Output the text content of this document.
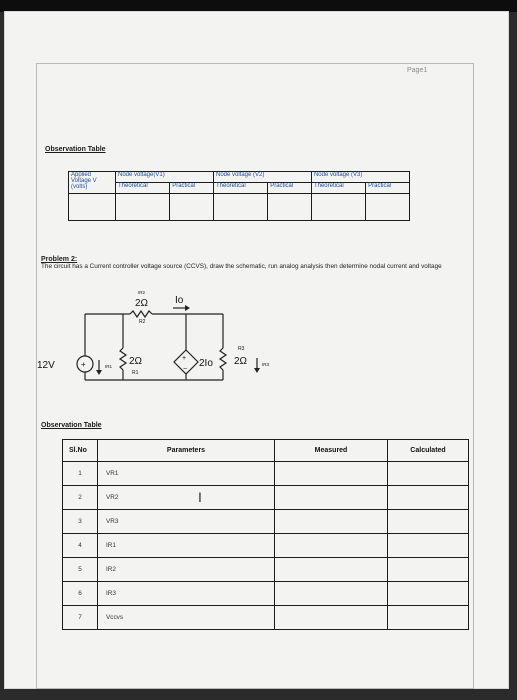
Page1
Observation Table
Applied
Voltage V
(volts)	Node voltage(V1)		Node voltage (V2)		Node voltage (V3)	
	Theoretical	Practical	Theoretical	Practical	Theoretical	Practical

Problem 2:
The circuit has a Current controller voltage source (CCVS), draw the schematic, run analog analysis then determine nodal current and voltage
+
+
−
12V	2Ω
R1
2Ω
R2
2Ω
R3
IR1
IR2
IR3
Io
2Io
Observation Table
Sl.No	Parameters	Measured	Calculated
1	VR1		
2	VR2		
3	VR3		
4	IR1		
5	IR2		
6	IR3		
7	Vccvs		
I
